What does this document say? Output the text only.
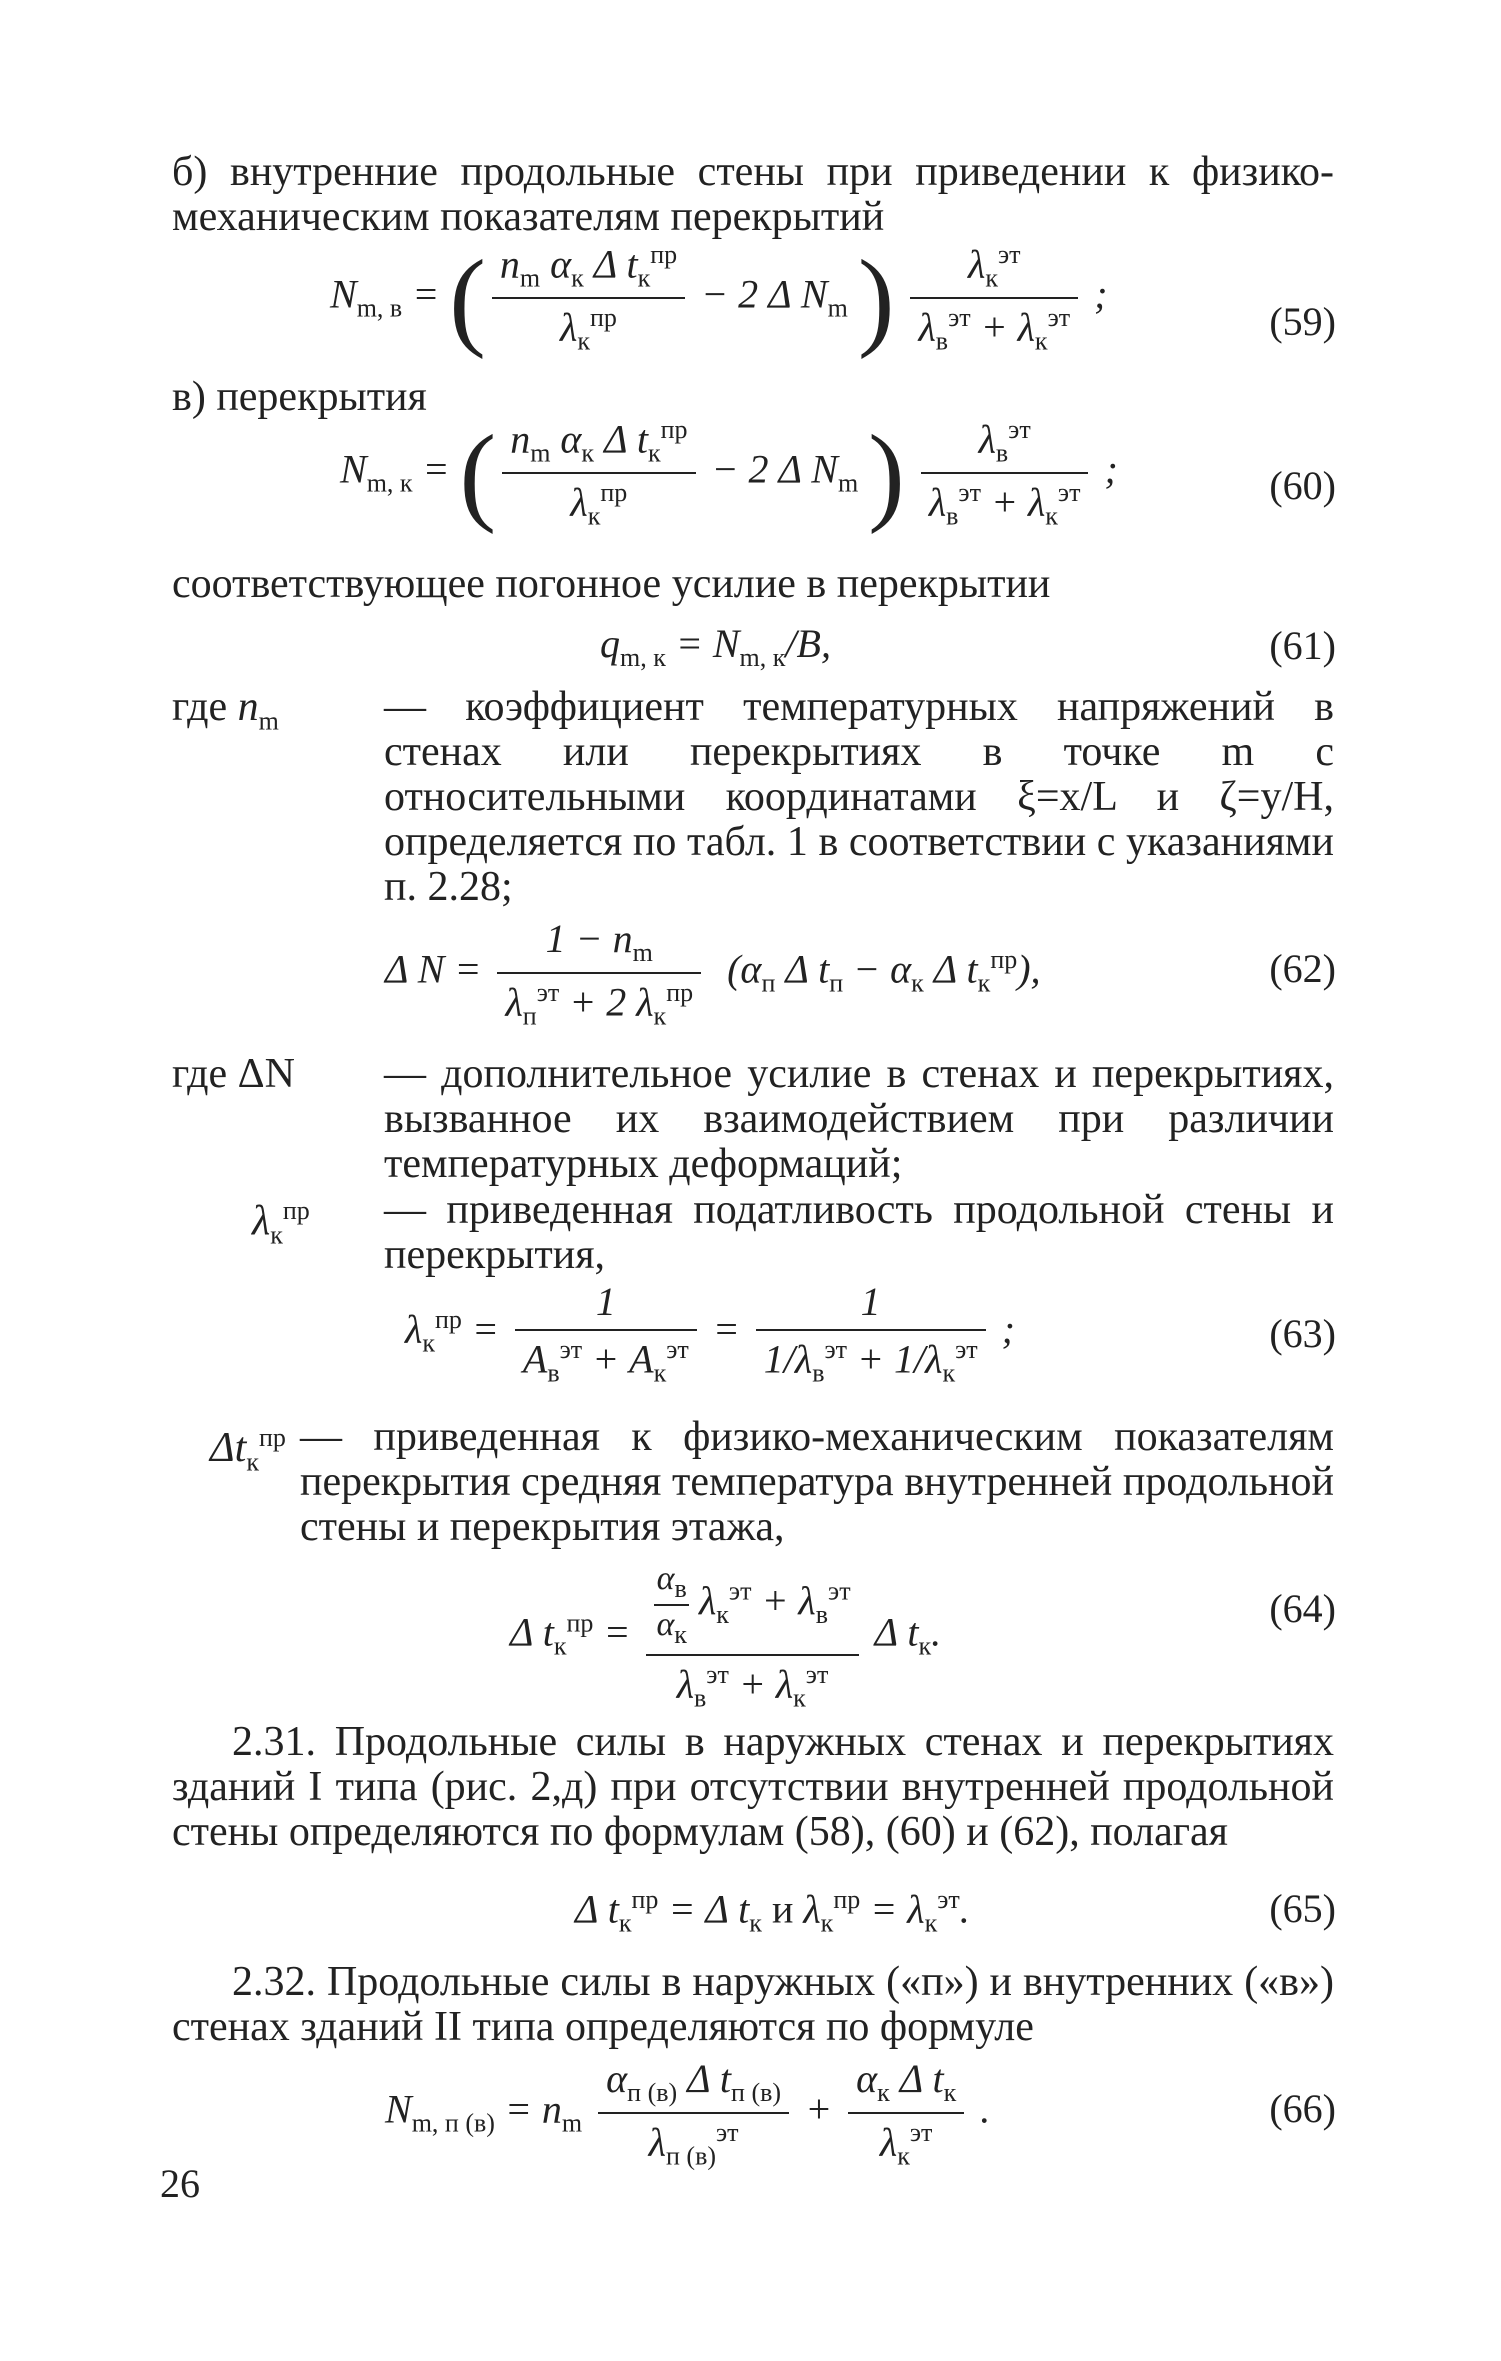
б) внутренние продольные стены при приведении к физико-механическим показателям перекрытий

$N_{m, в}$ = ( $\frac{n_m \alpha_к \Delta t_к^{пр}}{\lambda_к^{пр}} - 2$ Δ $N_m$ ) $\frac{\lambda_к^{эт}}{\lambda_в^{эт} + \lambda_к^{эт}}$ ;
(59)

в) перекрытия

$N_{m, к}$ = ( $\frac{n_m \alpha_к \Delta t_к^{пр}}{\lambda_к^{пр}} - 2$ Δ $N_m$ ) $\frac{\lambda_в^{эт}}{\lambda_в^{эт} + \lambda_к^{эт}}$ ;	(60)

соответствующее погонное усилие в перекрытии

$q_{m, к} = N_{m, к}/B$,	(61)
где $n_m$	— коэффициент температурных напряжений в стенах или перекрытиях в точке m с относительными координатами ξ=x/L и ζ=y/H, определяется по табл. 1 в соответствии с указаниями п. 2.28;

Δ $N = \frac{1 - n_m}{\lambda_п^{эт} + 2 \lambda_к^{пр}} (\alpha_п$ Δ $t_п - \alpha_к$ Δ $t_к^{пр}$),	(62)
где ΔN — дополнительное усилие в стенах и перекрытиях, вызванное их взаимодействием при различии температурных деформаций;

$\lambda_к^{пр}$ — приведенная податливость продольной стены и перекрытия,

$\lambda_к^{пр} = \frac{1}{A_в^{эт} + A_к^{эт}} = \frac{1}{1/\lambda_в^{эт} + 1/\lambda_к^{эт}}$ ;	(63)
$\Delta t_к^{пр}$ — приведенная к физико-механическим показателям перекрытия средняя температура внутренней продольной стены и перекрытия этажа,

Δ $t_к^{пр} = \frac{\frac{\alpha_в}{\alpha_к} \lambda_к^{эт} + \lambda_в^{эт}}{\lambda_в^{эт} + \lambda_к^{эт}}$ Δ $t_к$.
(64)

2.31. Продольные силы в наружных стенах и перекрытиях зданий I типа (рис. 2,д) при отсутствии внутренней продольной стены определяются по формулам (58), (60) и (62), полагая

Δ $t_к^{пр} = \Delta$ $t_к$ и $\lambda_к^{пр} = \lambda_к^{эт}$.	(65)

2.32. Продольные силы в наружных («п») и внутренних («в») стенах зданий II типа определяются по формуле

$N_{m, п (в)} = n_m \frac{\alpha_{п (в)} \Delta t_{п (в)}}{\lambda_{п (в)}^{эт}} + \frac{\alpha_к \Delta t_к}{\lambda_к^{эт}}$ .	(66)
26
